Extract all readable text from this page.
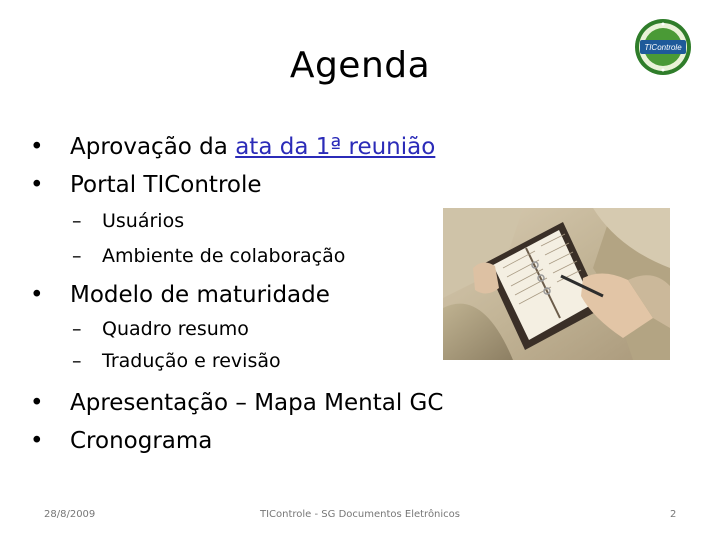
Agenda	TIControle
• Aprovação da ata da 1ª reunião
• Portal TIControle
– Usuários
– Ambiente de colaboração
• Modelo de maturidade
– Quadro resumo
– Tradução e revisão
• Apresentação – Mapa Mental GC
• Cronograma
28/8/2009	TIControle - SG Documentos Eletrônicos	2
